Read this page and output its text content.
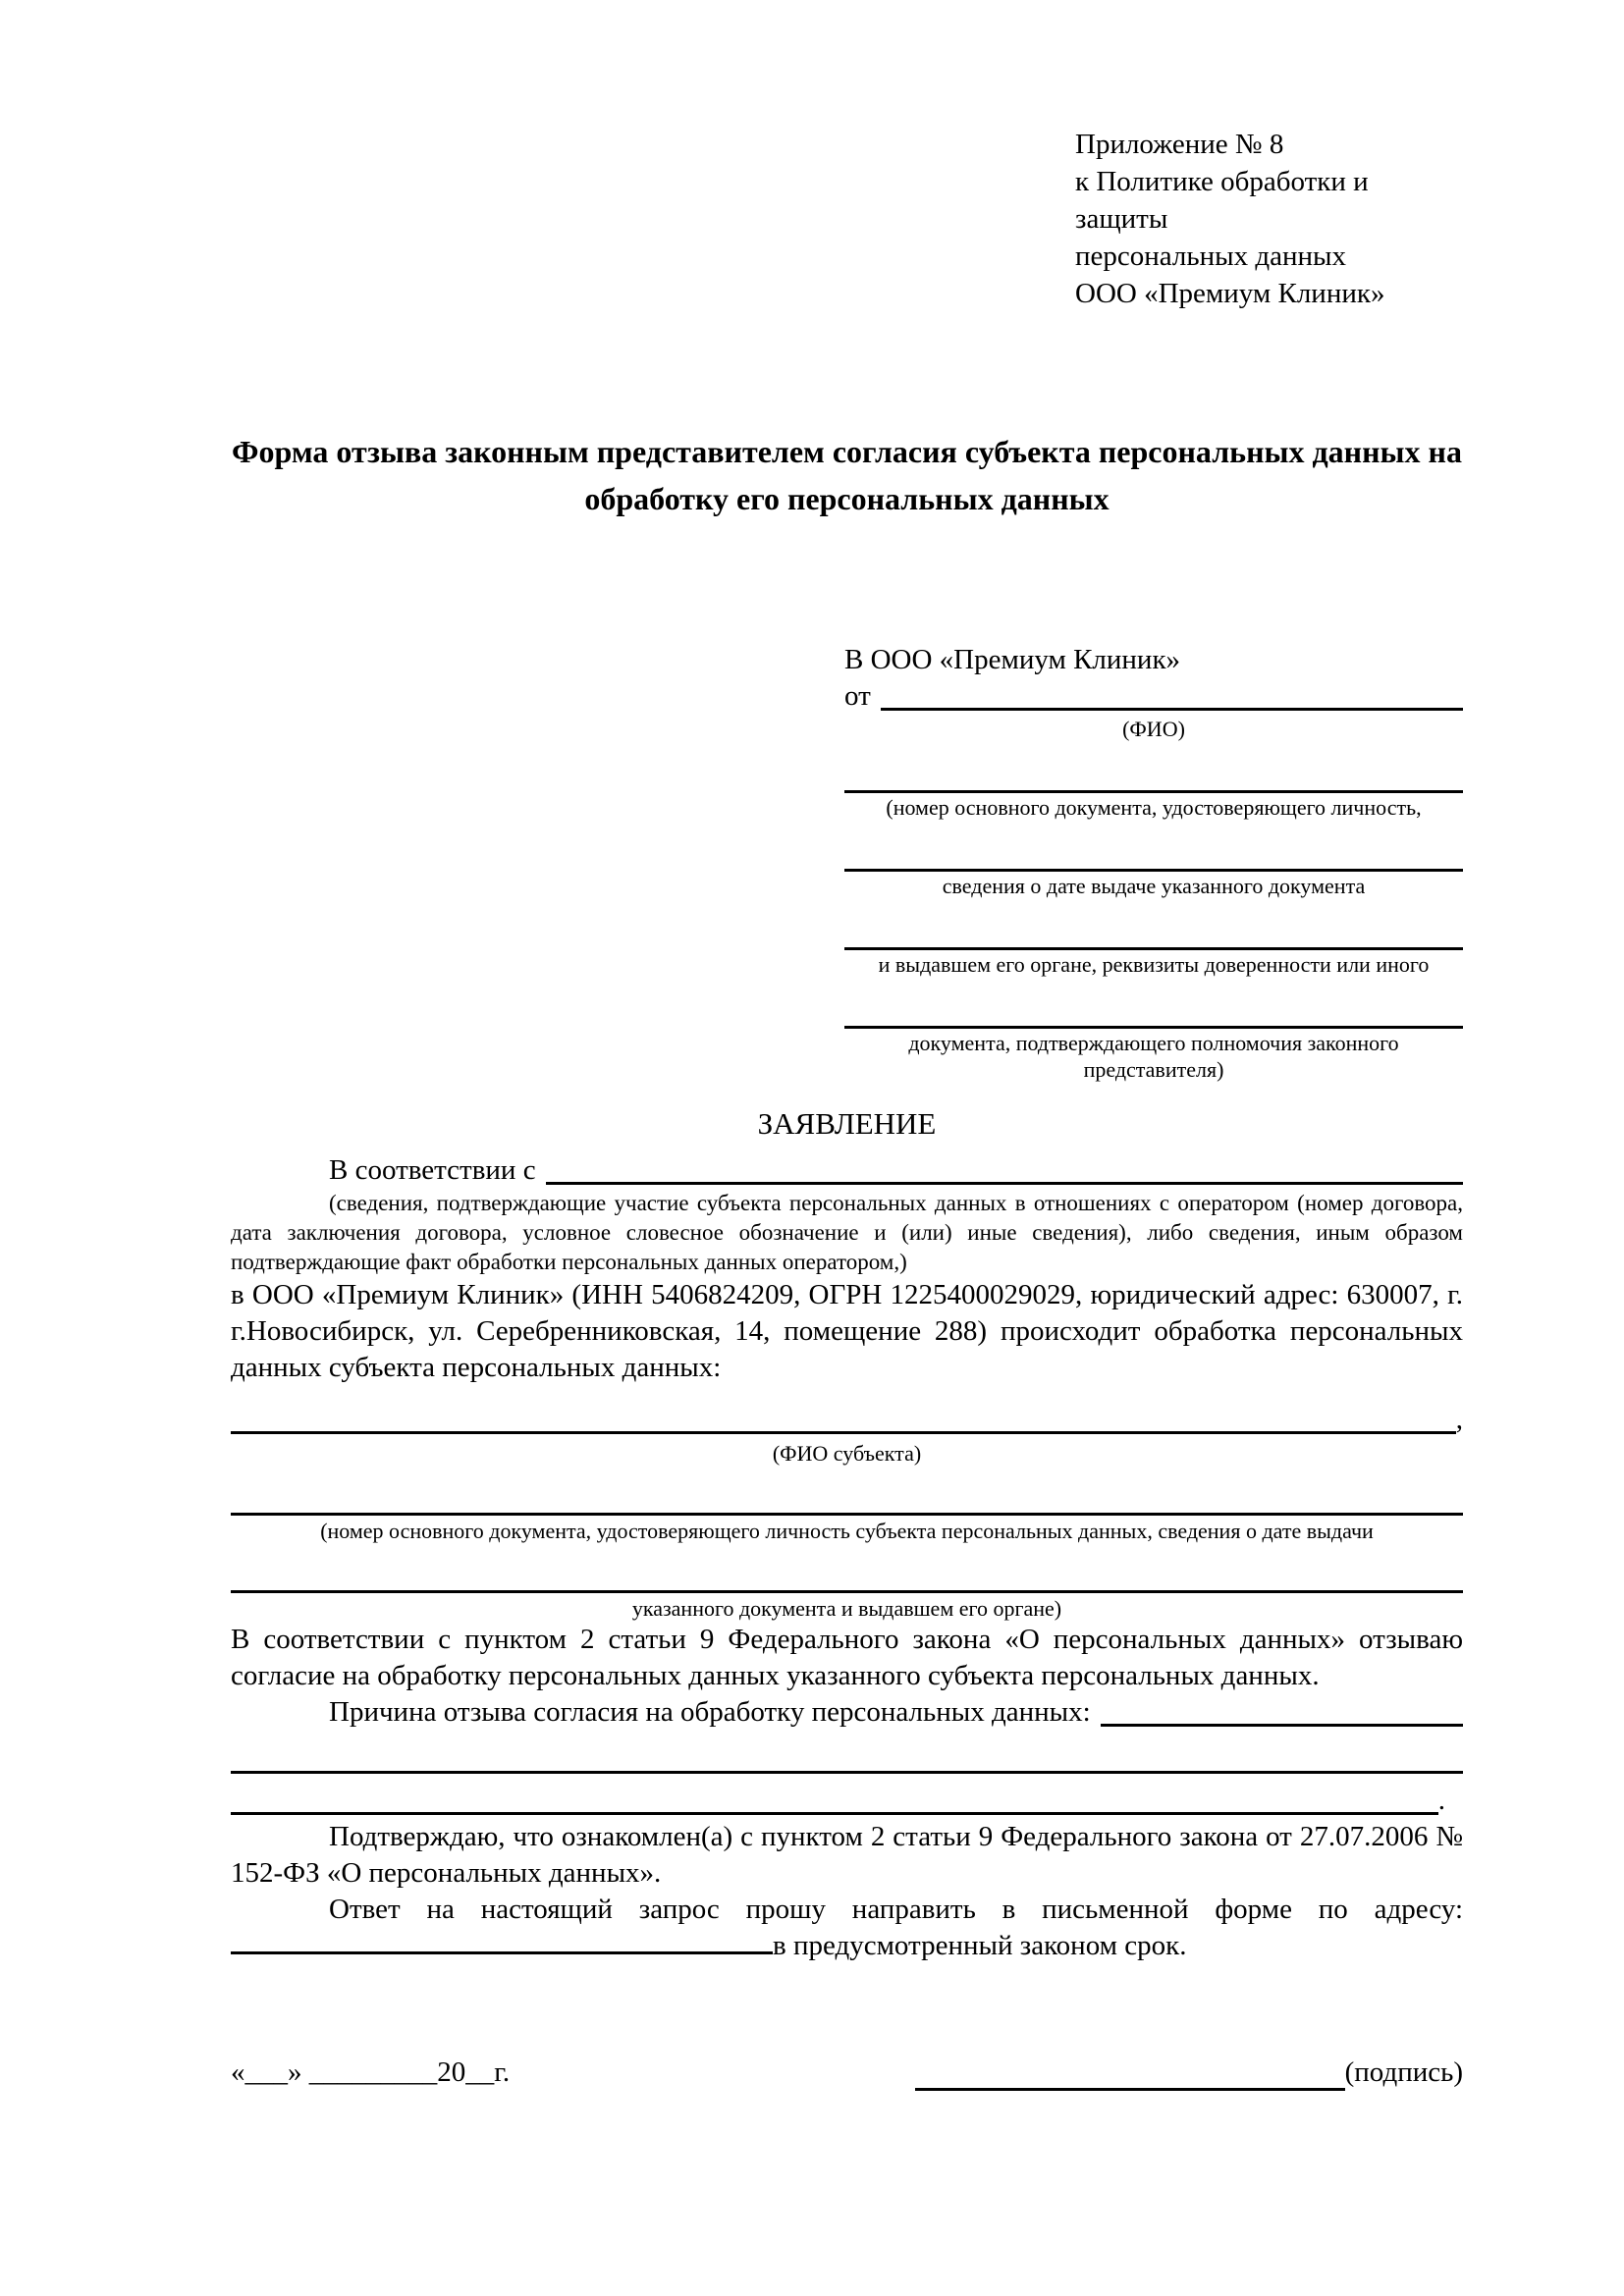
Приложение № 8
к Политике обработки и защиты
персональных данных
ООО «Премиум Клиник»
Форма отзыва законным представителем согласия субъекта персональных данных на обработку его персональных данных
В ООО «Премиум Клиник»
от
(ФИО)
(номер основного документа, удостоверяющего личность,
сведения о дате выдаче указанного документа
и выдавшем его органе, реквизиты доверенности или иного
документа, подтверждающего полномочия законного представителя)
ЗАЯВЛЕНИЕ
В соответствии с
(сведения, подтверждающие участие субъекта персональных данных в отношениях с оператором (номер договора, дата заключения договора, условное словесное обозначение и (или) иные сведения), либо сведения, иным образом подтверждающие факт обработки персональных данных оператором,)

в ООО «Премиум Клиник» (ИНН 5406824209, ОГРН 1225400029029, юридический адрес: 630007, г. г.Новосибирск, ул. Серебренниковская, 14, помещение 288) происходит обработка персональных данных субъекта персональных данных:

,
(ФИО субъекта)
(номер основного документа, удостоверяющего личность субъекта персональных данных, сведения о дате выдачи
указанного документа и выдавшем его органе)

В соответствии с пунктом 2 статьи 9 Федерального закона «О персональных данных» отзываю согласие на обработку персональных данных указанного субъекта персональных данных.

Причина отзыва согласия на обработку персональных данных:
.

Подтверждаю, что ознакомлен(а) с пунктом 2 статьи 9 Федерального закона от 27.07.2006 № 152-ФЗ «О персональных данных».

Ответ на настоящий запрос прошу направить в письменной форме по адресу:
в предусмотренный законом срок.
«___» _________20__г.	(подпись)
